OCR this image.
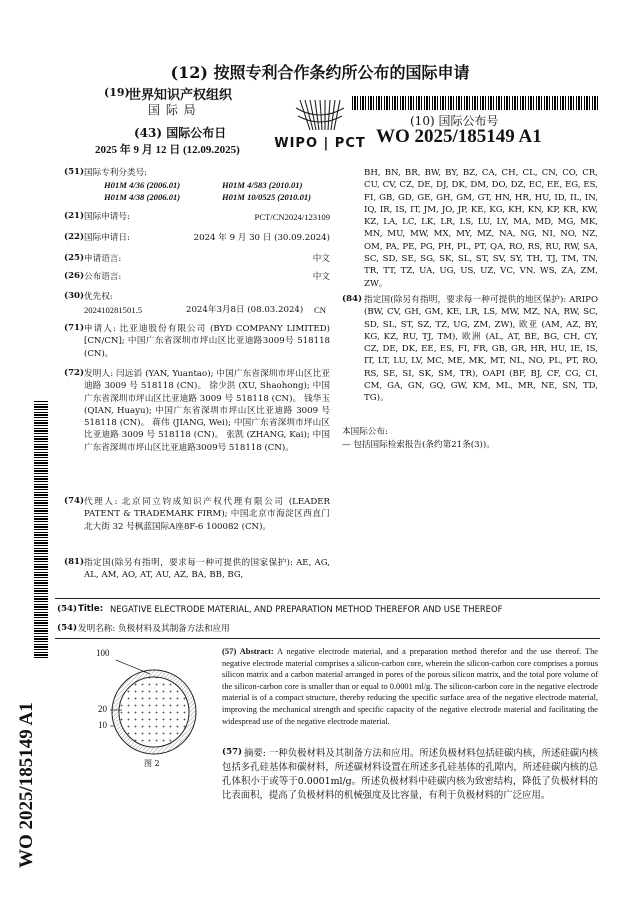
(12) 按照专利合作条约所公布的国际申请
(19)
世界知识产权组织
国 际 局
(43) 国际公布日
2025 年 9 月 12 日 (12.09.2025)	WIPO | PCT
(10) 国际公布号
WO 2025/185149 A1
(51) 国际专利分类号:
H01M 4/36 (2006.01)	H01M 4/583 (2010.01)
H01M 4/38 (2006.01)	H01M 10/0525 (2010.01)
(21) 国际申请号:	PCT/CN2024/123109
(22) 国际申请日:	2024 年 9 月 30 日 (30.09.2024)
(25) 申请语言:	中文
(26) 公布语言:	中文
(30) 优先权:
202410281501.5	2024年3月8日 (08.03.2024) CN
(71) 申请人: 比亚迪股份有限公司 (BYD COMPANY LIMITED) [CN/CN]; 中国广东省深圳市坪山区比亚迪路3009号 518118 (CN)。
(72) 发明人: 闫远滔 (YAN, Yuantao); 中国广东省深圳市坪山区比亚迪路 3009 号 518118 (CN)。 徐少洪 (XU, Shaohong); 中国广东省深圳市坪山区比亚迪路 3009 号 518118 (CN)。 钱华玉 (QIAN, Huayu); 中国广东省深圳市坪山区比亚迪路 3009 号 518118 (CN)。 蒋伟 (JIANG, Wei); 中国广东省深圳市坪山区比亚迪路 3009 号 518118 (CN)。 张凯 (ZHANG, Kai); 中国广东省深圳市坪山区比亚迪路3009号 518118 (CN)。
(74) 代理人: 北京同立钧成知识产权代理有限公司 (LEADER PATENT & TRADEMARK FIRM); 中国北京市海淀区西直门北大街 32 号枫蓝国际A座8F-6 100082 (CN)。
(81) 指定国(除另有指明，要求每一种可提供的国家保护): AE, AG, AL, AM, AO, AT, AU, AZ, BA, BB, BG,
BH, BN, BR, BW, BY, BZ, CA, CH, CL, CN, CO, CR, CU, CV, CZ, DE, DJ, DK, DM, DO, DZ, EC, EE, EG, ES, FI, GB, GD, GE, GH, GM, GT, HN, HR, HU, ID, IL, IN, IQ, IR, IS, IT, JM, JO, JP, KE, KG, KH, KN, KP, KR, KW, KZ, LA, LC, LK, LR, LS, LU, LY, MA, MD, MG, MK, MN, MU, MW, MX, MY, MZ, NA, NG, NI, NO, NZ, OM, PA, PE, PG, PH, PL, PT, QA, RO, RS, RU, RW, SA, SC, SD, SE, SG, SK, SL, ST, SV, SY, TH, TJ, TM, TN, TR, TT, TZ, UA, UG, US, UZ, VC, VN, WS, ZA, ZM, ZW。
(84) 指定国(除另有指明，要求每一种可提供的地区保护): ARIPO (BW, CV, GH, GM, KE, LR, LS, MW, MZ, NA, RW, SC, SD, SL, ST, SZ, TZ, UG, ZM, ZW), 欧亚 (AM, AZ, BY, KG, KZ, RU, TJ, TM), 欧洲 (AL, AT, BE, BG, CH, CY, CZ, DE, DK, EE, ES, FI, FR, GB, GR, HR, HU, IE, IS, IT, LT, LU, LV, MC, ME, MK, MT, NL, NO, PL, PT, RO, RS, SE, SI, SK, SM, TR), OAPI (BF, BJ, CF, CG, CI, CM, GA, GN, GQ, GW, KM, ML, MR, NE, SN, TD, TG)。
本国际公布:
— 包括国际检索报告(条约第21条(3))。
(54) Title: NEGATIVE ELECTRODE MATERIAL, AND PREPARATION METHOD THEREFOR AND USE THEREOF
(54) 发明名称: 负极材料及其制备方法和应用
100
20
10
图 2
(57) Abstract: A negative electrode material, and a preparation method therefor and the use thereof. The negative electrode material comprises a silicon-carbon core, wherein the silicon-carbon core comprises a porous silicon matrix and a carbon material arranged in pores of the porous silicon matrix, and the total pore volume of the silicon-carbon core is smaller than or equal to 0.0001 ml/g. The silicon-carbon core in the negative electrode material is of a compact structure, thereby reducing the specific surface area of the negative electrode material, improving the mechanical strength and specific capacity of the negative electrode material and facilitating the widespread use of the negative electrode material.
(57) 摘要: 一种负极材料及其制备方法和应用。所述负极材料包括硅碳内核，所述硅碳内核包括多孔硅基体和碳材料，所述碳材料设置在所述多孔硅基体的孔隙内，所述硅碳内核的总孔体积小于或等于0.0001ml/g。所述负极材料中硅碳内核为致密结构，降低了负极材料的比表面积，提高了负极材料的机械强度及比容量，有利于负极材料的广泛应用。
WO 2025/185149 A1
